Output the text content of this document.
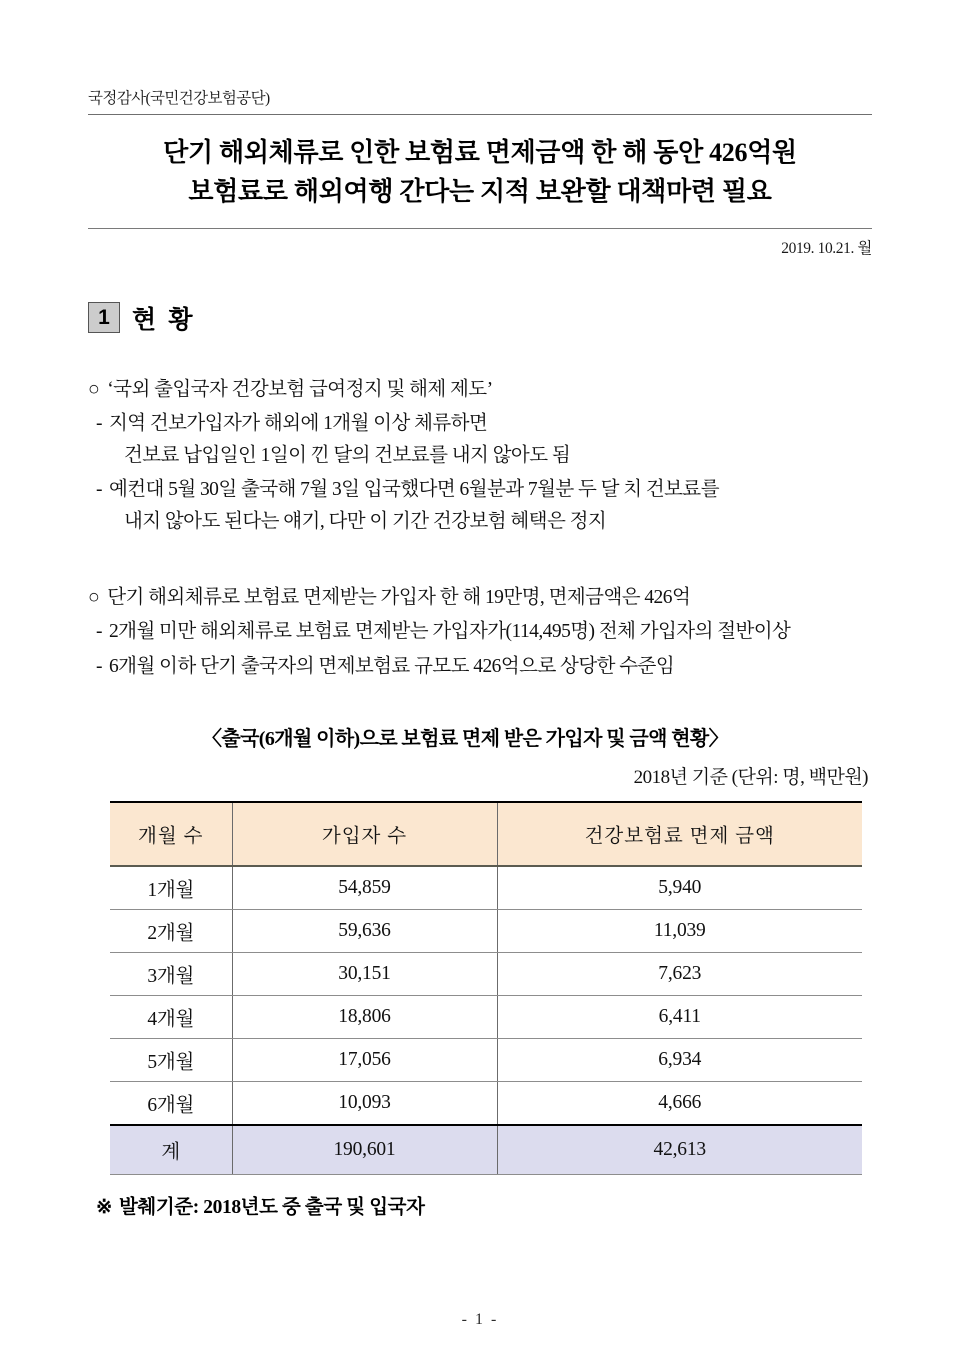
국정감사(국민건강보험공단)
단기 해외체류로 인한 보험료 면제금액 한 해 동안 426억원
보험료로 해외여행 간다는 지적 보완할 대책마련 필요
2019. 10.21. 월
1 현 황
○ ‘국외 출입국자 건강보험 급여정지 및 해제 제도’
- 지역 건보가입자가 해외에 1개월 이상 체류하면
건보료 납입일인 1일이 낀 달의 건보료를 내지 않아도 됨
- 예컨대 5월 30일 출국해 7월 3일 입국했다면 6월분과 7월분 두 달 치 건보료를
내지 않아도 된다는 얘기, 다만 이 기간 건강보험 혜택은 정지
○ 단기 해외체류로 보험료 면제받는 가입자 한 해 19만명, 면제금액은 426억
- 2개월 미만 해외체류로 보험료 면제받는 가입자가(114,495명) 전체 가입자의 절반이상
- 6개월 이하 단기 출국자의 면제보험료 규모도 426억으로 상당한 수준임
〈출국(6개월 이하)으로 보험료 면제 받은 가입자 및 금액 현황〉
2018년 기준 (단위: 명, 백만원)
개월 수	가입자 수	건강보험료 면제 금액
1개월	54,859	5,940
2개월	59,636	11,039
3개월	30,151	7,623
4개월	18,806	6,411
5개월	17,056	6,934
6개월	10,093	4,666
계	190,601	42,613
※ 발췌기준: 2018년도 중 출국 및 입국자
- 1 -
